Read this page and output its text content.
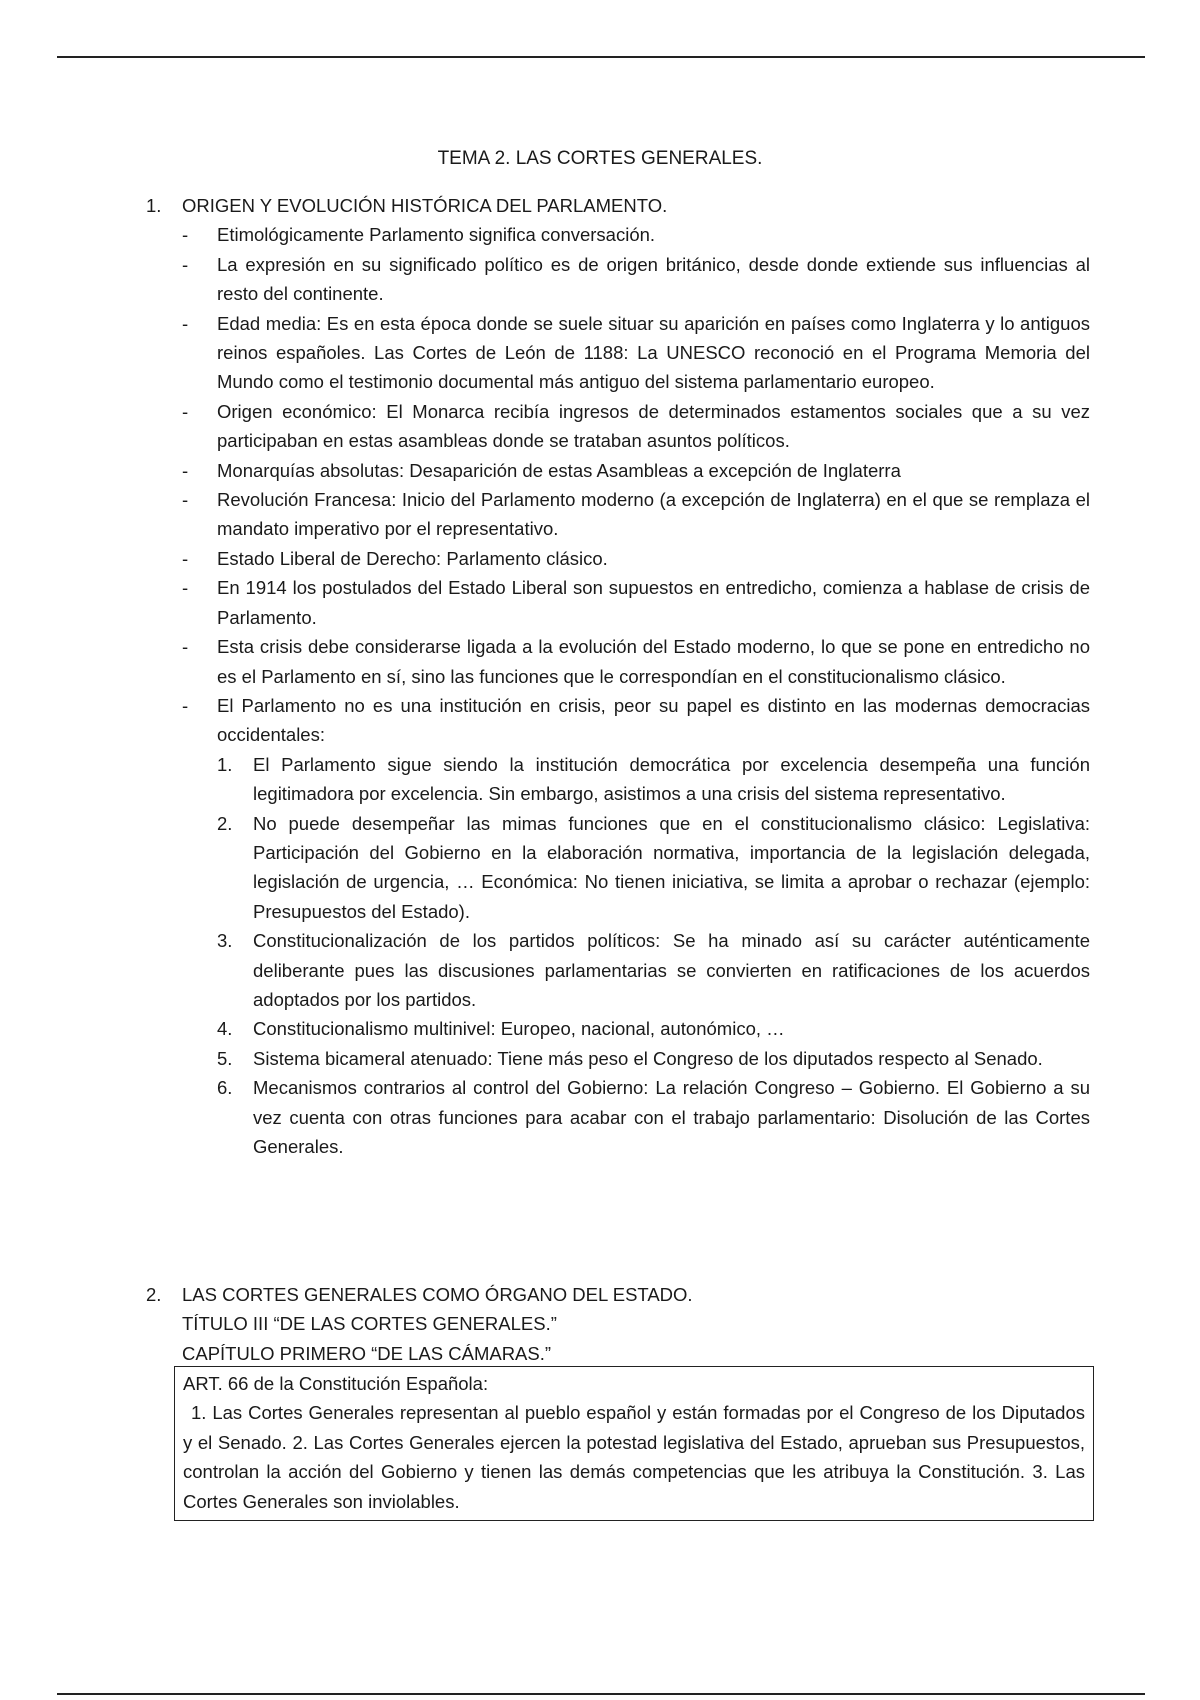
TEMA 2. LAS CORTES GENERALES.
1.	ORIGEN Y EVOLUCIÓN HISTÓRICA DEL PARLAMENTO.
- Etimológicamente Parlamento significa conversación.
- La expresión en su significado político es de origen británico, desde donde extiende sus influencias al resto del continente.
- Edad media: Es en esta época donde se suele situar su aparición en países como Inglaterra y lo antiguos reinos españoles. Las Cortes de León de 1188: La UNESCO reconoció en el Programa Memoria del Mundo como el testimonio documental más antiguo del sistema parlamentario europeo.
- Origen económico: El Monarca recibía ingresos de determinados estamentos sociales que a su vez participaban en estas asambleas donde se trataban asuntos políticos.
- Monarquías absolutas: Desaparición de estas Asambleas a excepción de Inglaterra
- Revolución Francesa: Inicio del Parlamento moderno (a excepción de Inglaterra) en el que se remplaza el mandato imperativo por el representativo.
- Estado Liberal de Derecho: Parlamento clásico.
- En 1914 los postulados del Estado Liberal son supuestos en entredicho, comienza a hablase de crisis de Parlamento.
- Esta crisis debe considerarse ligada a la evolución del Estado moderno, lo que se pone en entredicho no es el Parlamento en sí, sino las funciones que le correspondían en el constitucionalismo clásico.
- El Parlamento no es una institución en crisis, peor su papel es distinto en las modernas democracias occidentales:
1. El Parlamento sigue siendo la institución democrática por excelencia desempeña una función legitimadora por excelencia. Sin embargo, asistimos a una crisis del sistema representativo.
2. No puede desempeñar las mimas funciones que en el constitucionalismo clásico: Legislativa: Participación del Gobierno en la elaboración normativa, importancia de la legislación delegada, legislación de urgencia, … Económica: No tienen iniciativa, se limita a aprobar o rechazar (ejemplo: Presupuestos del Estado).
3. Constitucionalización de los partidos políticos: Se ha minado así su carácter auténticamente deliberante pues las discusiones parlamentarias se convierten en ratificaciones de los acuerdos adoptados por los partidos.
4. Constitucionalismo multinivel: Europeo, nacional, autonómico, …
5. Sistema bicameral atenuado: Tiene más peso el Congreso de los diputados respecto al Senado.
6. Mecanismos contrarios al control del Gobierno: La relación Congreso – Gobierno. El Gobierno a su vez cuenta con otras funciones para acabar con el trabajo parlamentario: Disolución de las Cortes Generales.
2.	LAS CORTES GENERALES COMO ÓRGANO DEL ESTADO.
TÍTULO III “DE LAS CORTES GENERALES.”
CAPÍTULO PRIMERO “DE LAS CÁMARAS.”
ART. 66 de la Constitución Española:
1. Las Cortes Generales representan al pueblo español y están formadas por el Congreso de los Diputados y el Senado. 2. Las Cortes Generales ejercen la potestad legislativa del Estado, aprueban sus Presupuestos, controlan la acción del Gobierno y tienen las demás competencias que les atribuya la Constitución. 3. Las Cortes Generales son inviolables.
